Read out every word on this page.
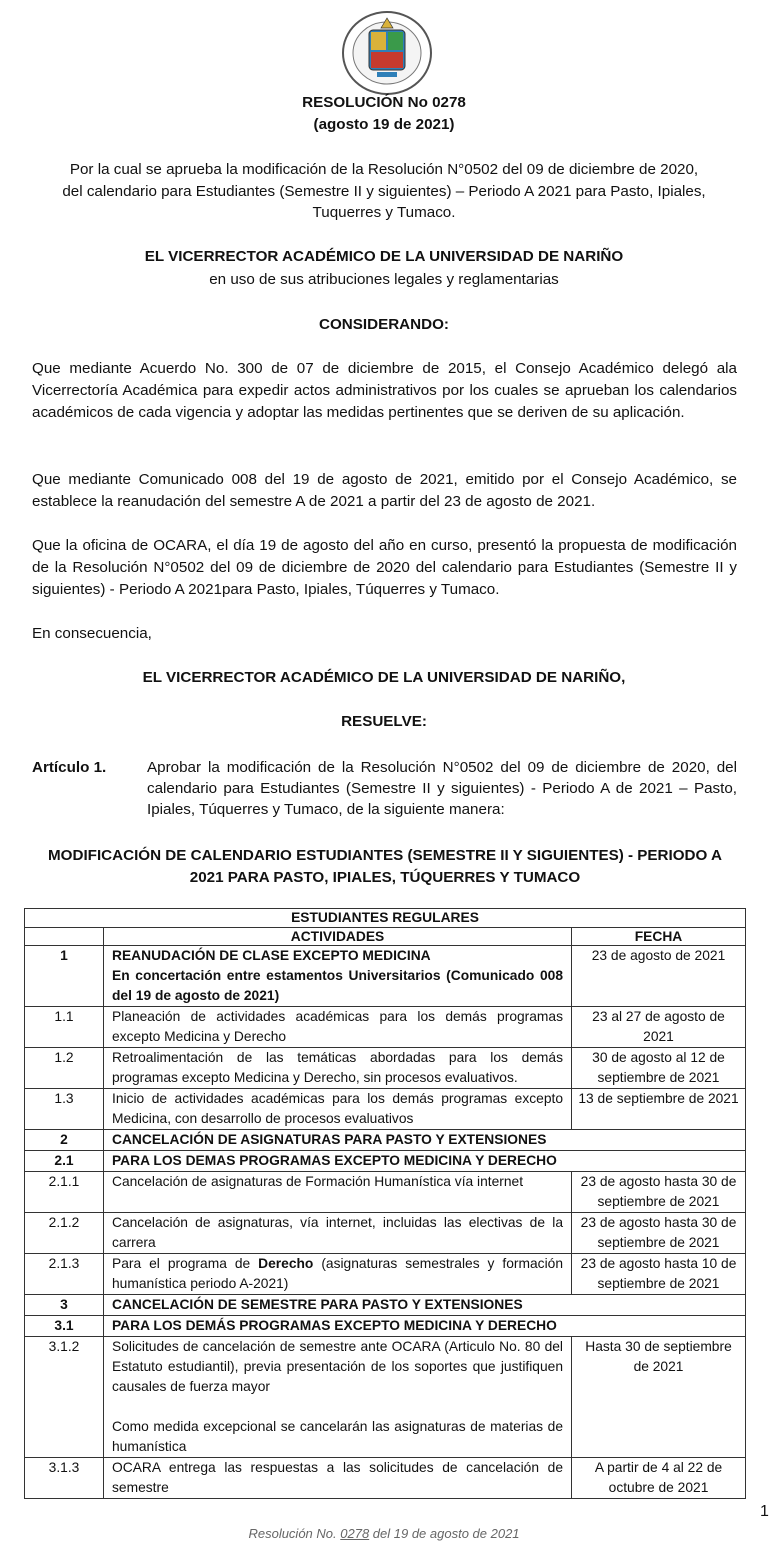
RESOLUCIÓN No 0278
(agosto 19 de 2021)
Por la cual se aprueba la modificación de la Resolución N°0502 del 09 de diciembre de 2020,
del calendario para Estudiantes (Semestre II y siguientes) – Periodo A 2021 para Pasto, Ipiales,
Tuquerres y Tumaco.
EL VICERRECTOR ACADÉMICO DE LA UNIVERSIDAD DE NARIÑO
en uso de sus atribuciones legales y reglamentarias
CONSIDERANDO:
Que mediante Acuerdo No. 300 de 07 de diciembre de 2015, el Consejo Académico delegó ala Vicerrectoría Académica para expedir actos administrativos por los cuales se aprueban los calendarios académicos de cada vigencia y adoptar las medidas pertinentes que se deriven de su aplicación.
Que mediante Comunicado 008 del 19 de agosto de 2021, emitido por el Consejo Académico, se establece la reanudación del semestre A de 2021 a partir del 23 de agosto de 2021.
Que la oficina de OCARA, el día 19 de agosto del año en curso, presentó la propuesta de modificación de la Resolución N°0502 del 09 de diciembre de 2020 del calendario para Estudiantes (Semestre II y siguientes) - Periodo A 2021para Pasto, Ipiales, Túquerres y Tumaco.
En consecuencia,
EL VICERRECTOR ACADÉMICO DE LA UNIVERSIDAD DE NARIÑO,
RESUELVE:
Artículo 1.	Aprobar la modificación de la Resolución N°0502 del 09 de diciembre de 2020, del calendario para Estudiantes (Semestre II y siguientes) - Periodo A de 2021 – Pasto, Ipiales, Túquerres y Tumaco, de la siguiente manera:
MODIFICACIÓN DE CALENDARIO ESTUDIANTES (SEMESTRE II Y SIGUIENTES) - PERIODO A
2021 PARA PASTO, IPIALES, TÚQUERRES Y TUMACO
ESTUDIANTES REGULARES		
	ACTIVIDADES	FECHA
1	REANUDACIÓN DE CLASE EXCEPTO MEDICINA
En concertación entre estamentos Universitarios (Comunicado 008 del 19 de agosto de 2021)	23 de agosto de 2021
1.1	Planeación de actividades académicas para los demás programas excepto Medicina y Derecho	23 al 27 de agosto de 2021
1.2	Retroalimentación de las temáticas abordadas para los demás programas excepto Medicina y Derecho, sin procesos evaluativos.	30 de agosto al 12 de septiembre de 2021
1.3	Inicio de actividades académicas para los demás programas excepto Medicina, con desarrollo de procesos evaluativos	13 de septiembre de 2021
2	CANCELACIÓN DE ASIGNATURAS PARA PASTO Y EXTENSIONES	
2.1	PARA LOS DEMAS PROGRAMAS EXCEPTO MEDICINA Y DERECHO	
2.1.1	Cancelación de asignaturas de Formación Humanística vía internet	23 de agosto hasta 30 de septiembre de 2021
2.1.2	Cancelación de asignaturas, vía internet, incluidas las electivas de la carrera	23 de agosto hasta 30 de septiembre de 2021
2.1.3	Para el programa de Derecho (asignaturas semestrales y formación humanística periodo A-2021)	23 de agosto hasta 10 de septiembre de 2021
3	CANCELACIÓN DE SEMESTRE PARA PASTO Y EXTENSIONES	
3.1	PARA LOS DEMÁS PROGRAMAS EXCEPTO MEDICINA Y DERECHO	
3.1.2	Solicitudes de cancelación de semestre ante OCARA (Articulo No. 80 del Estatuto estudiantil), previa presentación de los soportes que justifiquen causales de fuerza mayor
Como medida excepcional se cancelarán las asignaturas de materias de humanística	Hasta 30 de septiembre de 2021
3.1.3	OCARA entrega las respuestas a las solicitudes de cancelación de semestre	A partir de 4 al 22 de octubre de 2021
1
Resolución No. 0278 del 19 de agosto de 2021
